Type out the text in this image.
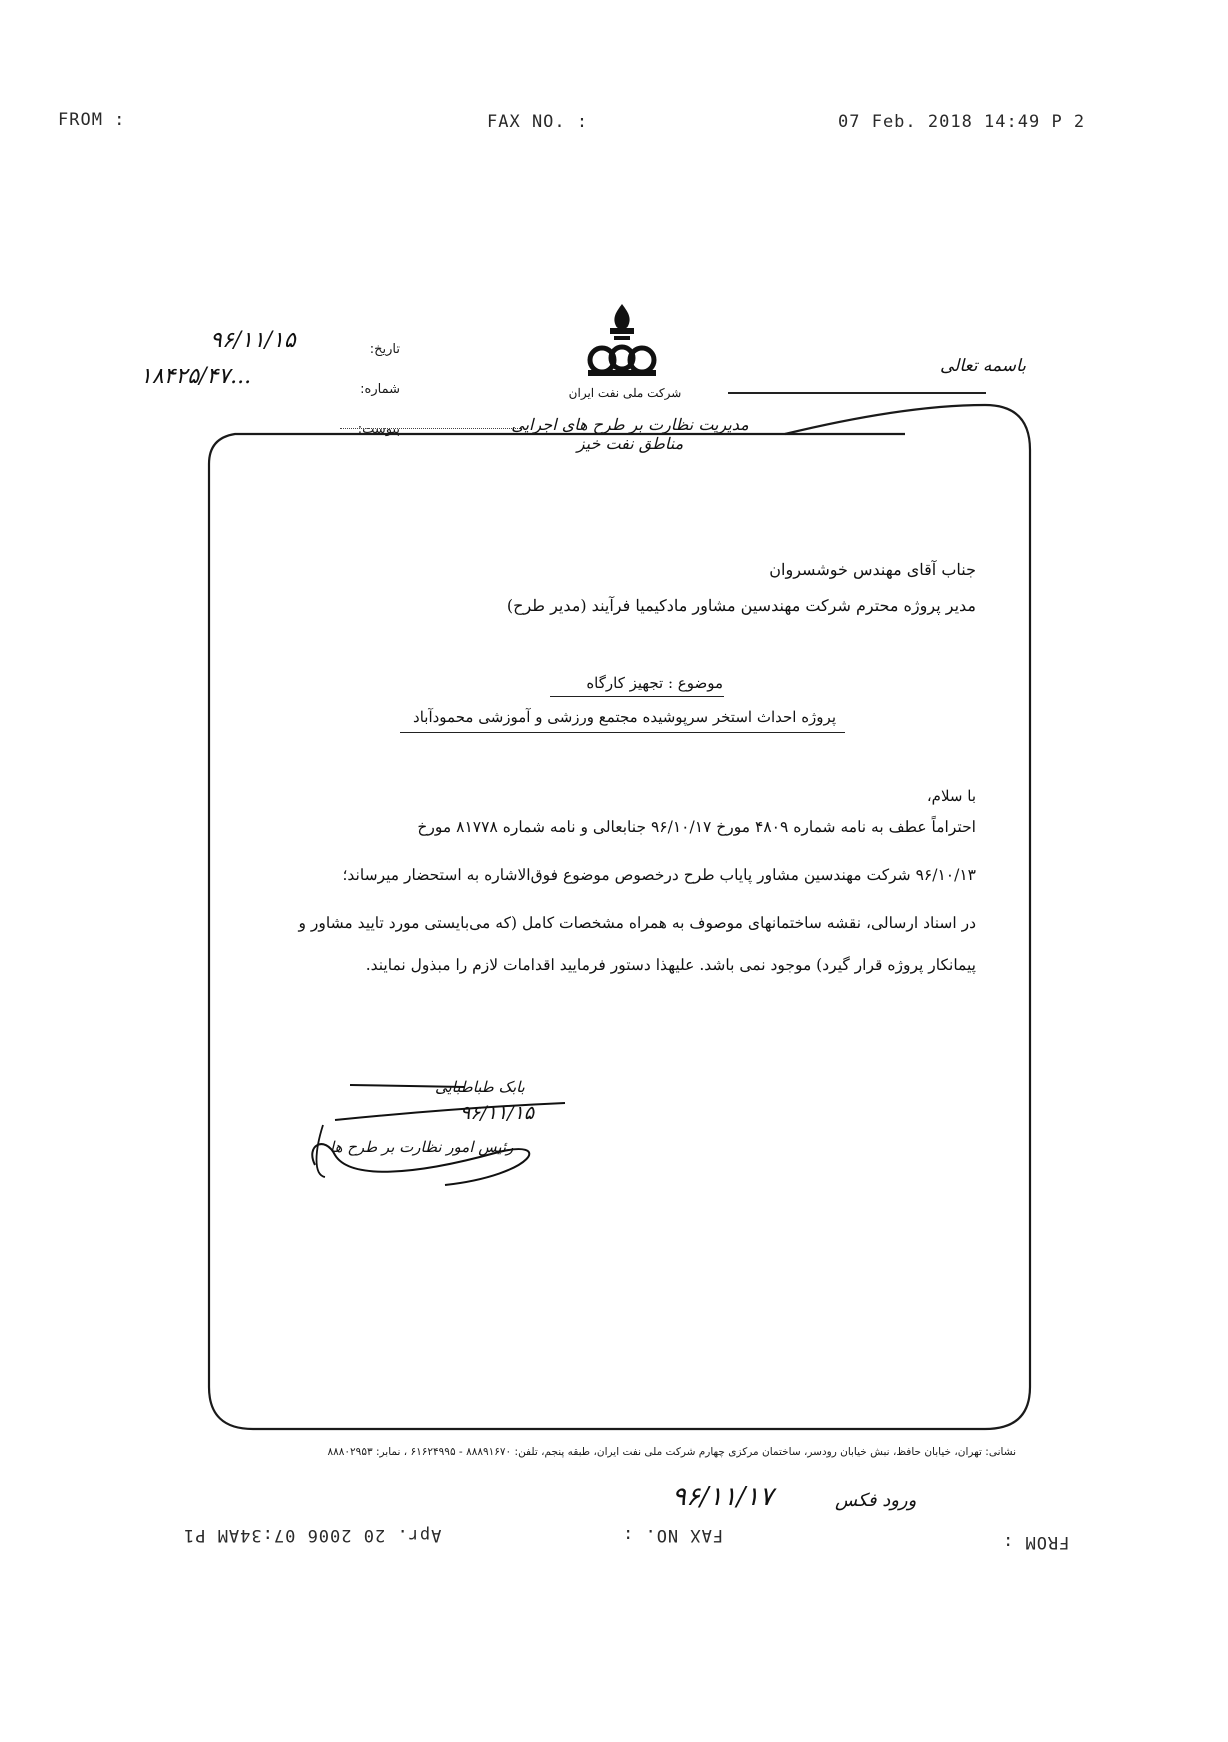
FROM :	FAX NO. :	07 Feb. 2018 14:49 P 2
تاریخ:
۹۶/۱۱/۱۵
شماره:
...۱۸۴۲۵/۴۷
پیوست:
شرکت ملی نفت ایران
مدیریت نظارت بر طرح های اجرایی مناطق نفت خیز
باسمه تعالی
جناب آقای مهندس خوشسروان
مدیر پروژه محترم شرکت مهندسین مشاور مادکیمیا فرآیند (مدیر طرح)
موضوع : تجهیز کارگاه
پروژه احداث استخر سرپوشیده مجتمع ورزشی و آموزشی محمودآباد
با سلام،
احتراماً عطف به نامه شماره ۴۸۰۹ مورخ ۹۶/۱۰/۱۷ جنابعالی و نامه شماره ۸۱۷۷۸ مورخ
۹۶/۱۰/۱۳ شرکت مهندسین مشاور پایاب طرح درخصوص موضوع فوق‌الاشاره به استحضار میرساند؛
در اسناد ارسالی، نقشه ساختمانهای موصوف به همراه مشخصات کامل (که می‌بایستی مورد تایید مشاور و
پیمانکار پروژه قرار گیرد) موجود نمی باشد. علیهذا دستور فرمایید اقدامات لازم را مبذول نمایند.
بابک طباطبایی
۹۶/۱۱/۱۵
رئیس امور نظارت بر طرح ها
نشانی: تهران، خیابان حافظ، نبش خیابان رودسر، ساختمان مرکزی چهارم شرکت ملی نفت ایران، طبقه پنجم، تلفن: ۸۸۸۹۱۶۷۰ - ۶۱۶۲۴۹۹۵ ، نمابر: ۸۸۸۰۲۹۵۳
۹۶/۱۱/۱۷	ورود فکس
Apr. 20 2006 07:34AM P1	FAX NO. :	FROM :
